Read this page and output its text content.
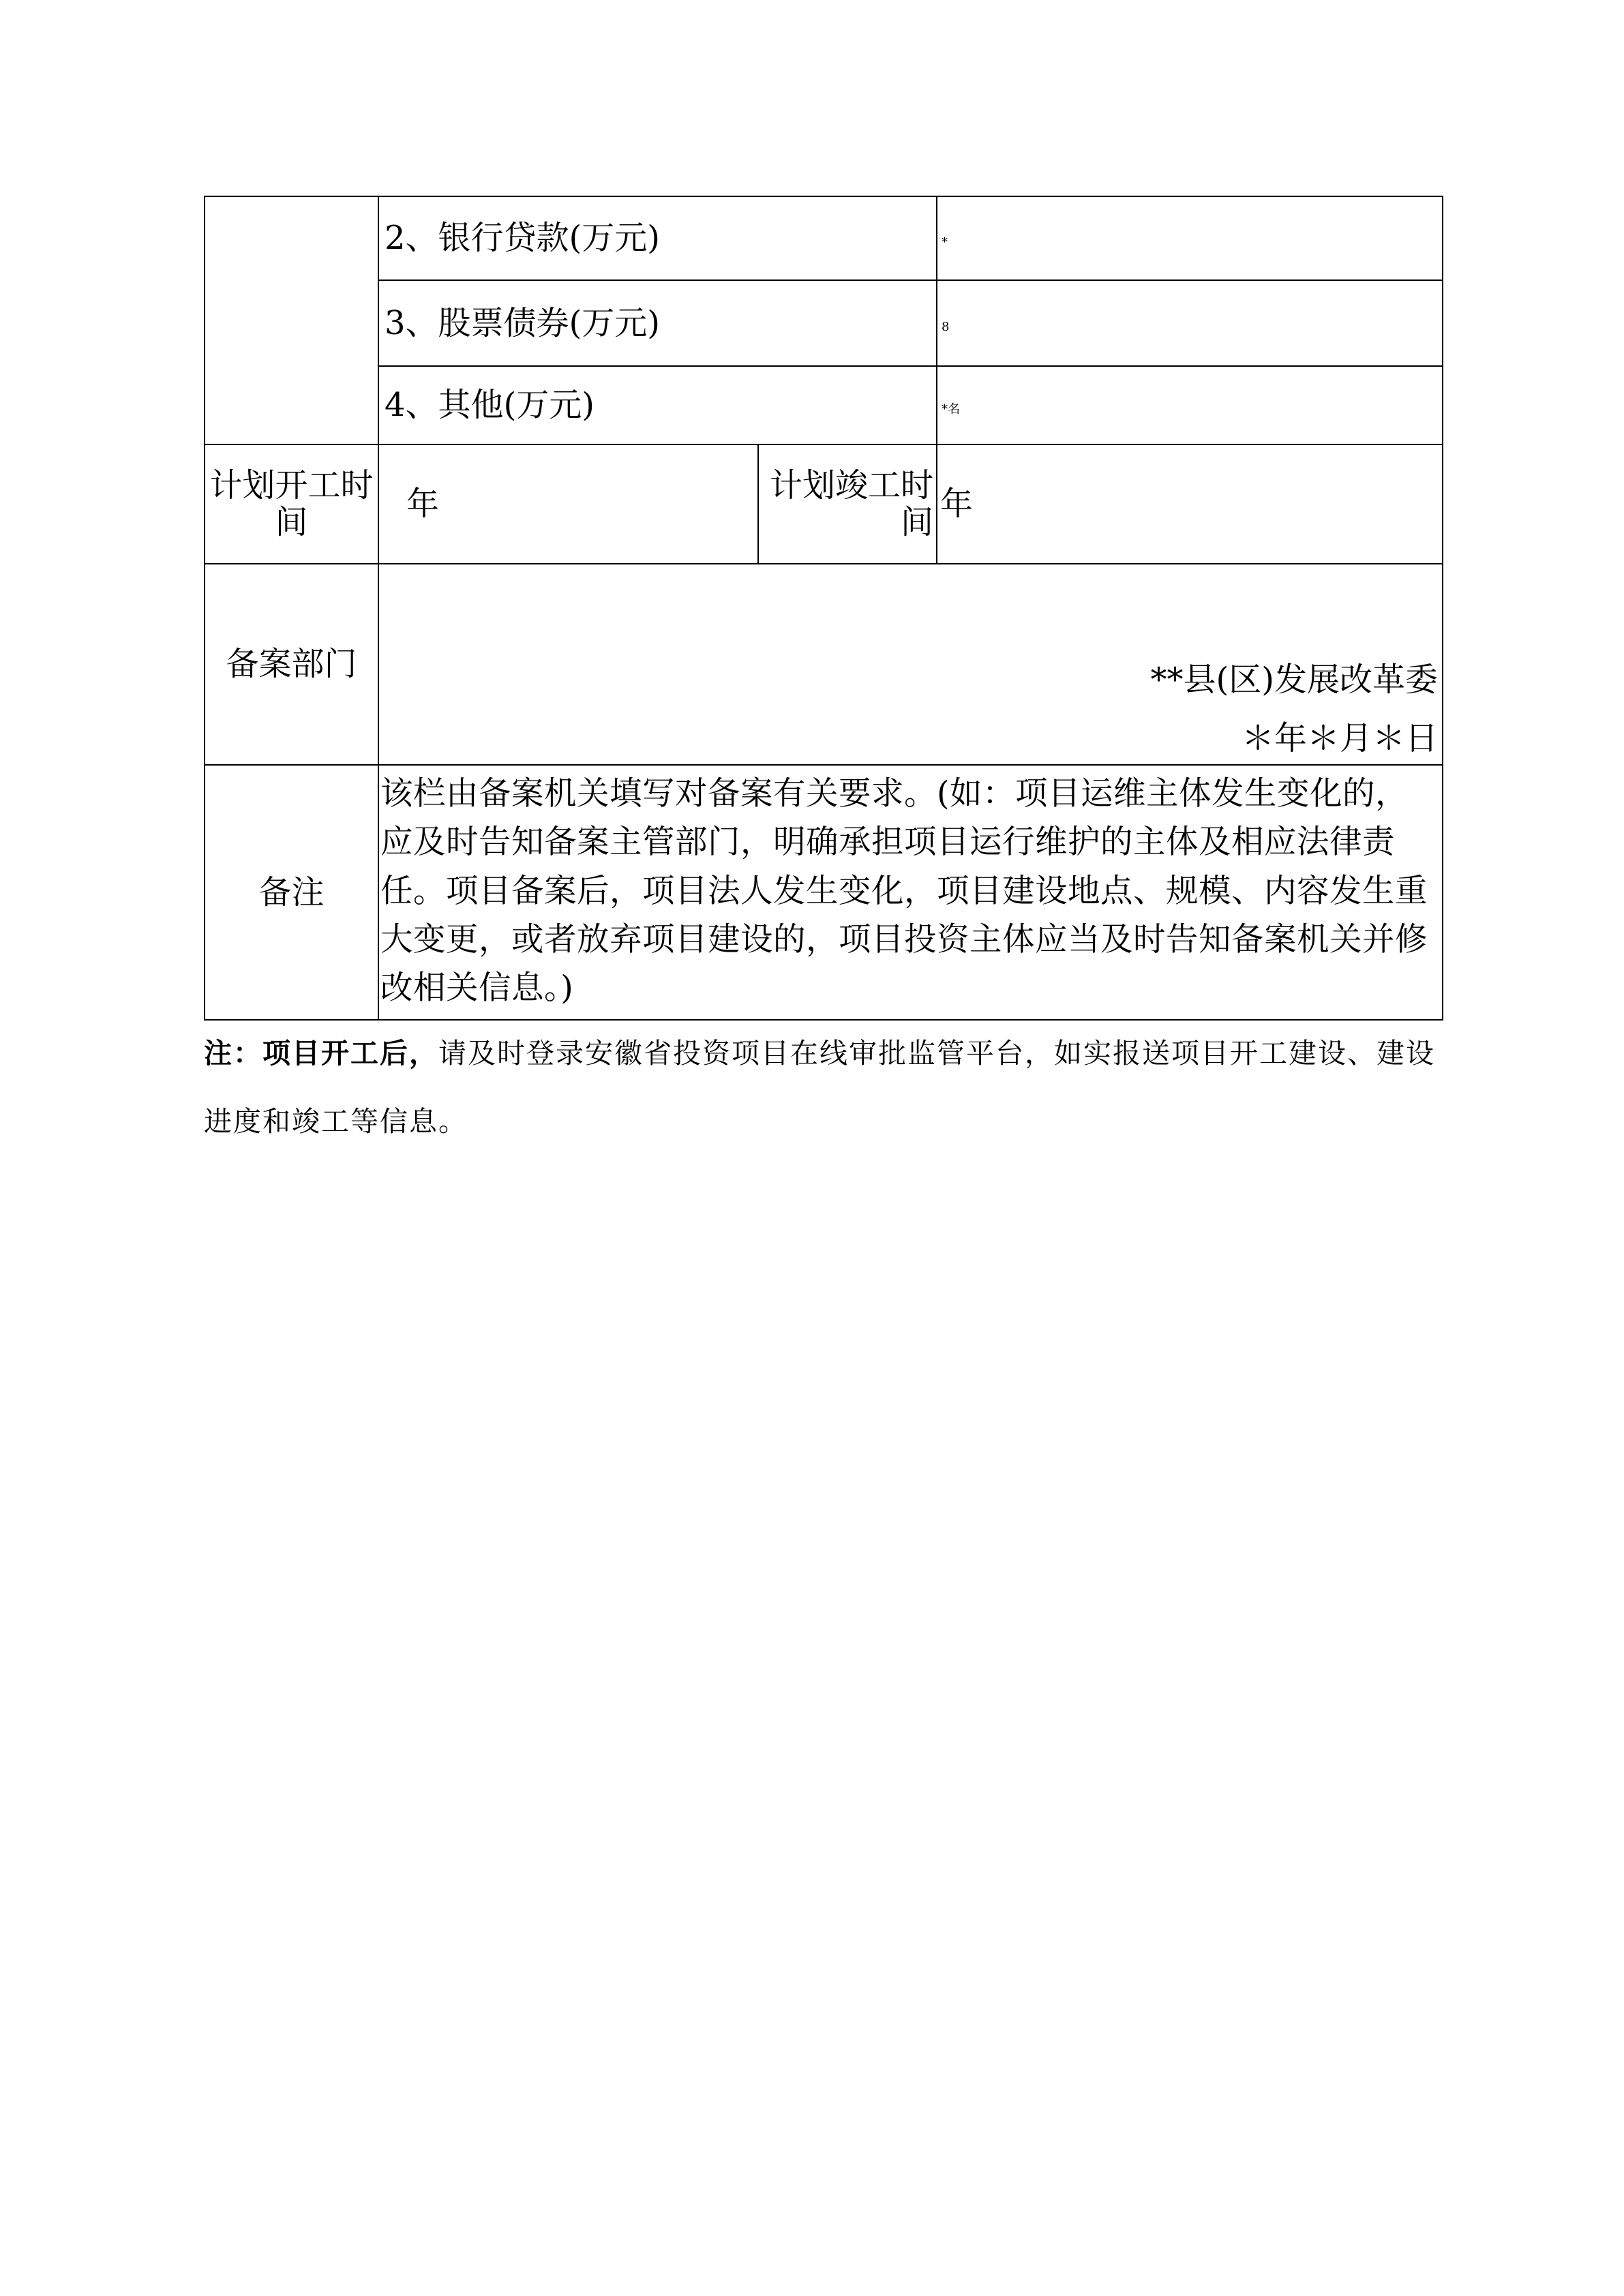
	2、银行贷款(万元)		*
	3、股票债券(万元)		8
	4、其他(万元)		*名
计划开工时间	年	计划竣工时间	年
备案部门	**县(区)发展改革委
＊年＊月＊日		

备注	该栏由备案机关填写对备案有关要求。(如：项目运维主体发生变化的，应及时告知备案主管部门，明确承担项目运行维护的主体及相应法律责任。项目备案后，项目法人发生变化，项目建设地点、规模、内容发生重大变更，或者放弃项目建设的，项目投资主体应当及时告知备案机关并修改相关信息。)		
注：项目开工后，请及时登录安徽省投资项目在线审批监管平台，如实报送项目开工建设、建设进度和竣工等信息。
